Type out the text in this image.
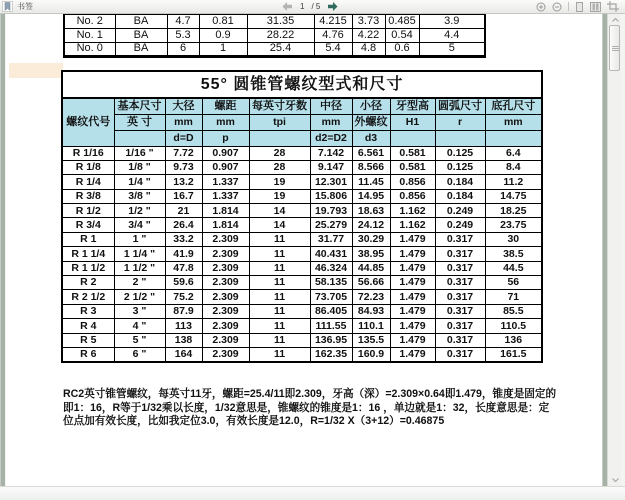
书签	1 / 5
No. 2	BA	4.7	0.81	31.35	4.215	3.73	0.485	3.9
No. 1	BA	5.3	0.9	28.22	4.76	4.22	0.54	4.4
No. 0	BA	6	1	25.4	5.4	4.8	0.6	5
55° 圆锥管螺纹型式和尺寸									
螺纹代号	基本尺寸	大径	螺距	每英寸牙数	中径	小径	牙型高	圆弧尺寸	底孔尺寸
	英 寸	mm	mm	tpi	mm	外螺纹	H1	r	mm
		d=D	p		d2=D2	d3			
R 1/16	1/16 "	7.72	0.907	28	7.142	6.561	0.581	0.125	6.4
R 1/8	1/8 "	9.73	0.907	28	9.147	8.566	0.581	0.125	8.4
R 1/4	1/4 "	13.2	1.337	19	12.301	11.45	0.856	0.184	11.2
R 3/8	3/8 "	16.7	1.337	19	15.806	14.95	0.856	0.184	14.75
R 1/2	1/2 "	21	1.814	14	19.793	18.63	1.162	0.249	18.25
R 3/4	3/4 "	26.4	1.814	14	25.279	24.12	1.162	0.249	23.75
R 1	1 "	33.2	2.309	11	31.77	30.29	1.479	0.317	30
R 1 1/4	1 1/4 "	41.9	2.309	11	40.431	38.95	1.479	0.317	38.5
R 1 1/2	1 1/2 "	47.8	2.309	11	46.324	44.85	1.479	0.317	44.5
R 2	2 "	59.6	2.309	11	58.135	56.66	1.479	0.317	56
R 2 1/2	2 1/2 "	75.2	2.309	11	73.705	72.23	1.479	0.317	71
R 3	3 "	87.9	2.309	11	86.405	84.93	1.479	0.317	85.5
R 4	4 "	113	2.309	11	111.55	110.1	1.479	0.317	110.5
R 5	5 "	138	2.309	11	136.95	135.5	1.479	0.317	136
R 6	6 "	164	2.309	11	162.35	160.9	1.479	0.317	161.5
RC2英寸锥管螺纹，每英寸11牙，螺距=25.4/11即2.309，牙高（深）=2.309×0.64即1.479，锥度是固定的
即1：16，R等于1/32乘以长度，1/32意思是，锥螺纹的锥度是1：16 ，单边就是1：32，长度意思是：定
位点加有效长度，比如我定位3.0，有效长度是12.0，R=1/32 X（3+12）=0.46875
